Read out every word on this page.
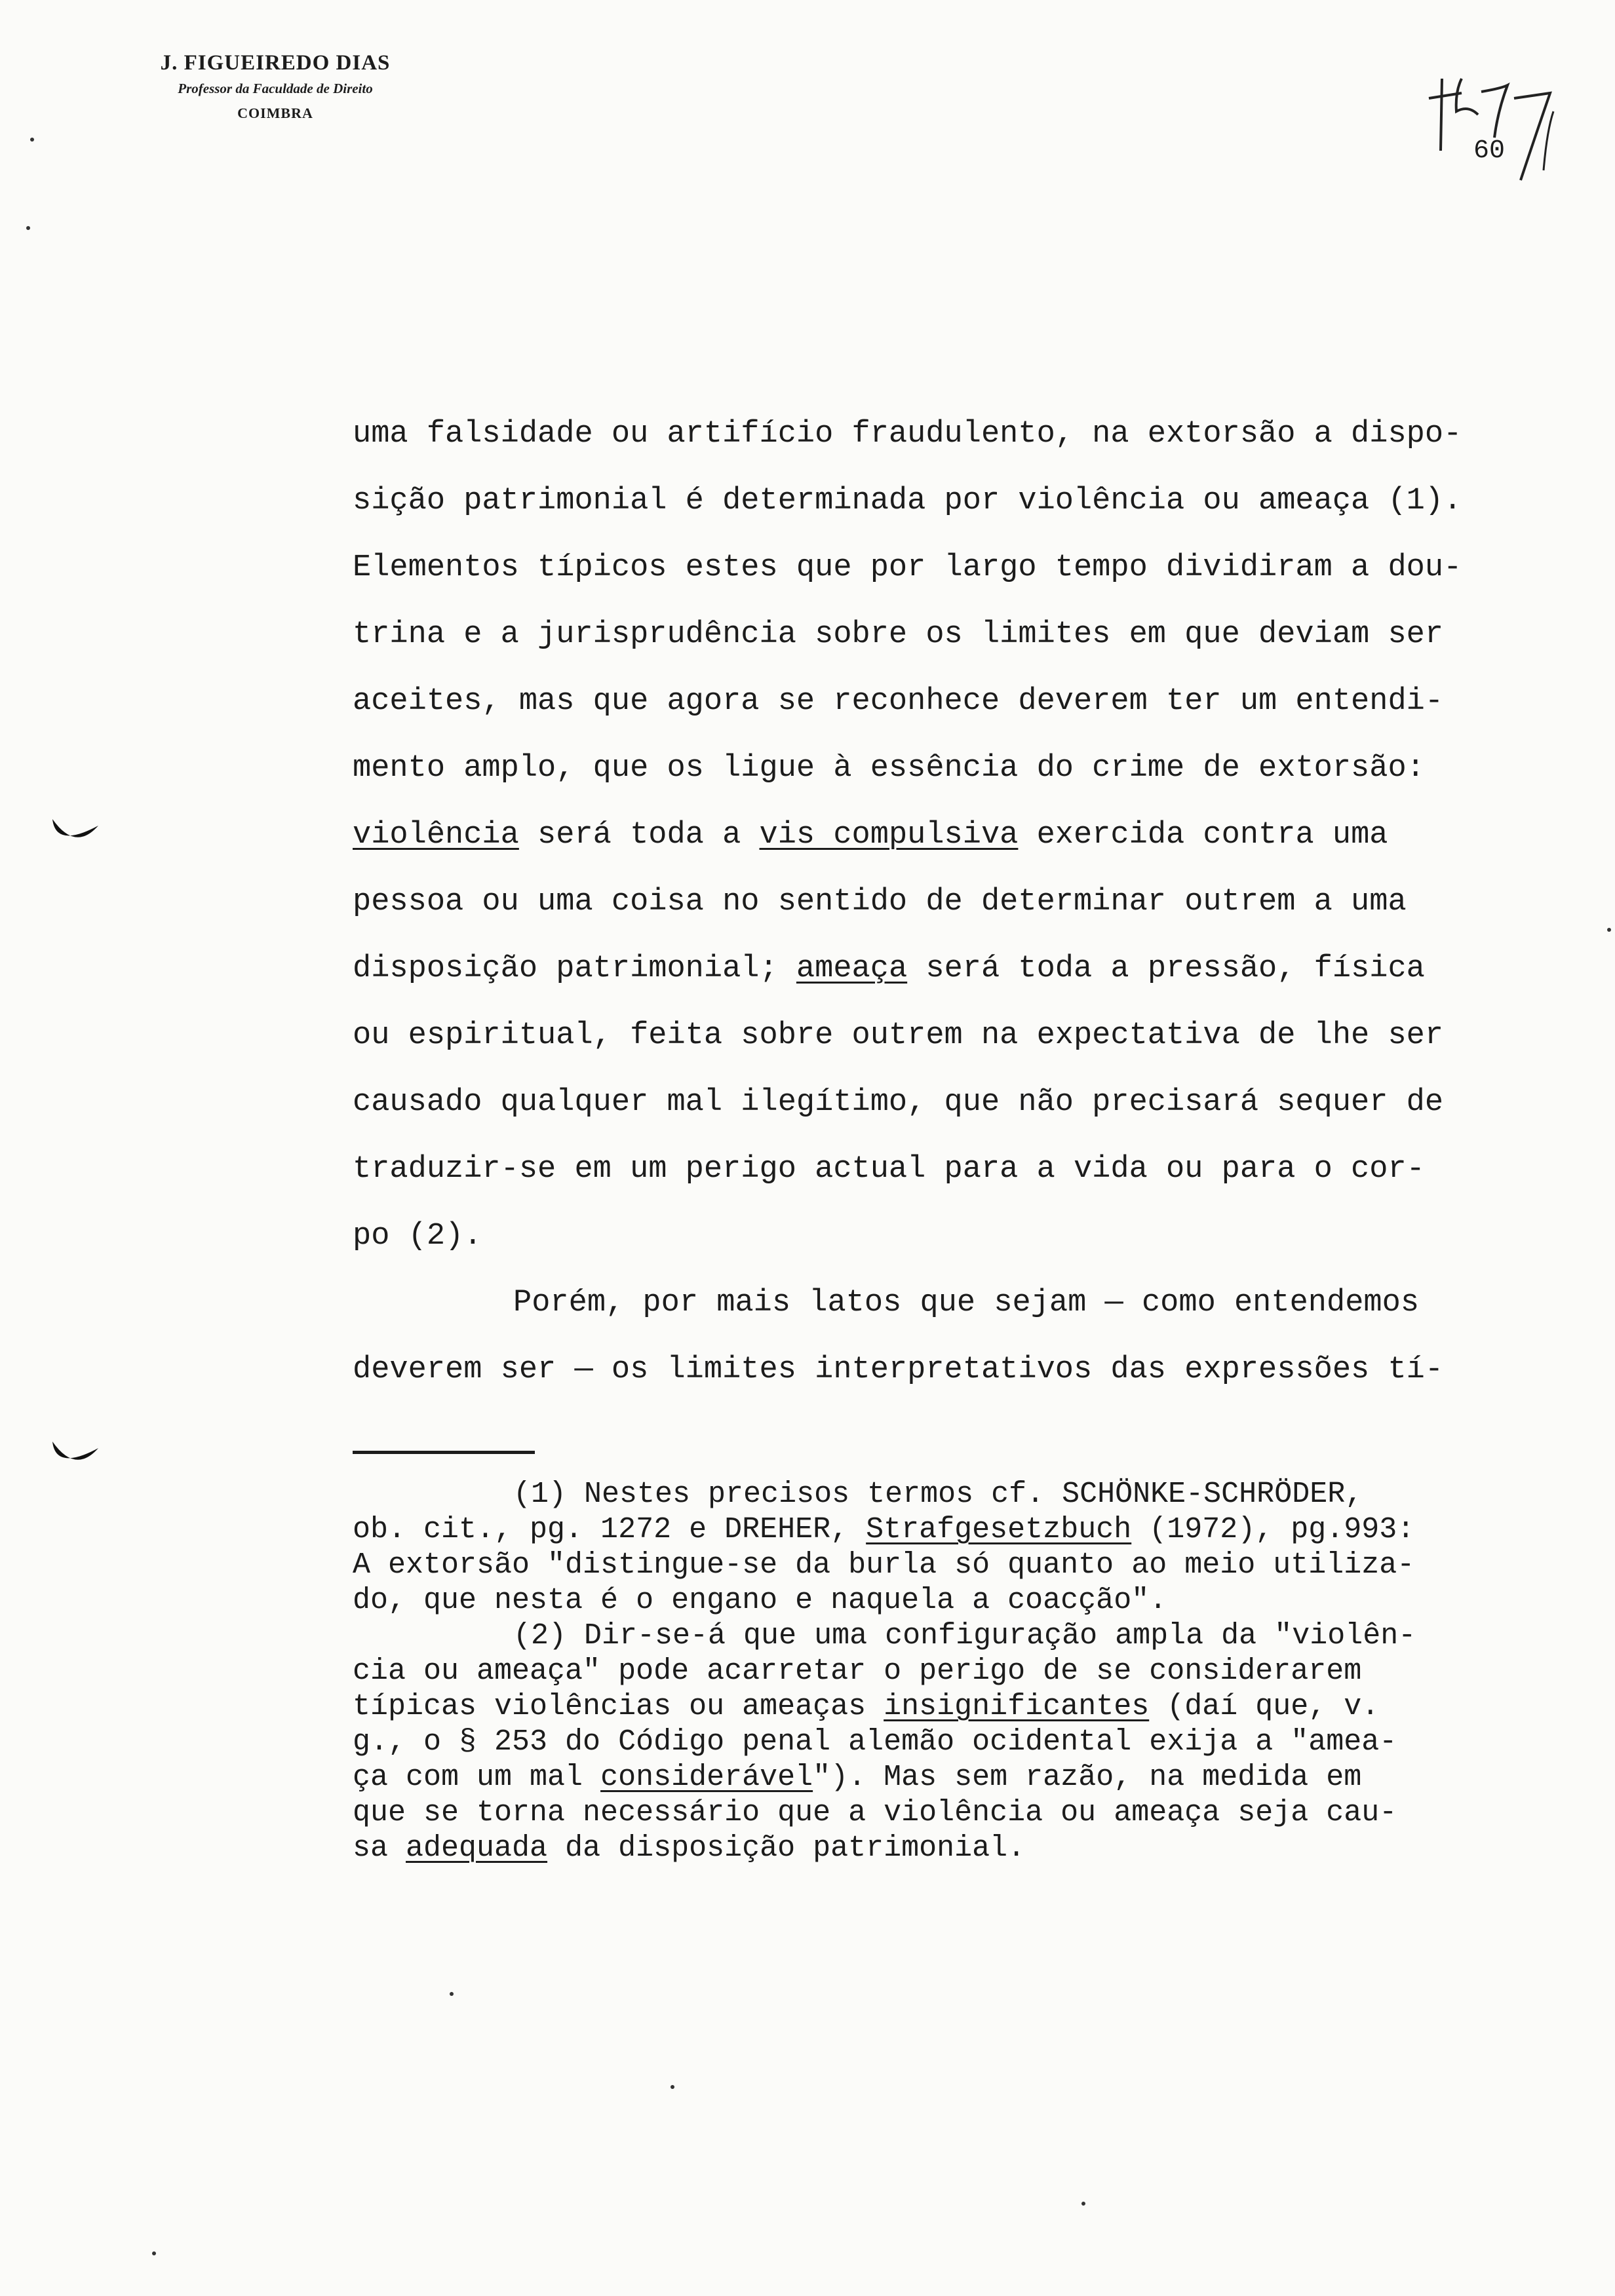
J. FIGUEIREDO DIAS
Professor da Faculdade de Direito
COIMBRA
60
uma falsidade ou artifício fraudulento, na extorsão a dispo-
sição patrimonial é determinada por violência ou ameaça (1).
Elementos típicos estes que por largo tempo dividiram a dou-
trina e a jurisprudência sobre os limites em que deviam ser
aceites, mas que agora se reconhece deverem ter um entendi-
mento amplo, que os ligue à essência do crime de extorsão:
violência será toda a vis compulsiva exercida contra uma
pessoa ou uma coisa no sentido de determinar outrem a uma
disposição patrimonial; ameaça será toda a pressão, física
ou espiritual, feita sobre outrem na expectativa de lhe ser
causado qualquer mal ilegítimo, que não precisará sequer de
traduzir-se em um perigo actual para a vida ou para o cor-
po (2).
Porém, por mais latos que sejam — como entendemos
deverem ser — os limites interpretativos das expressões tí-
(1) Nestes precisos termos cf. SCHÖNKE-SCHRÖDER,
ob. cit., pg. 1272 e DREHER, Strafgesetzbuch (1972), pg.993:
A extorsão "distingue-se da burla só quanto ao meio utiliza-
do, que nesta é o engano e naquela a coacção".
(2) Dir-se-á que uma configuração ampla da "violên-
cia ou ameaça" pode acarretar o perigo de se considerarem
típicas violências ou ameaças insignificantes (daí que, v.
g., o § 253 do Código penal alemão ocidental exija a "amea-
ça com um mal considerável"). Mas sem razão, na medida em
que se torna necessário que a violência ou ameaça seja cau-
sa adequada da disposição patrimonial.
